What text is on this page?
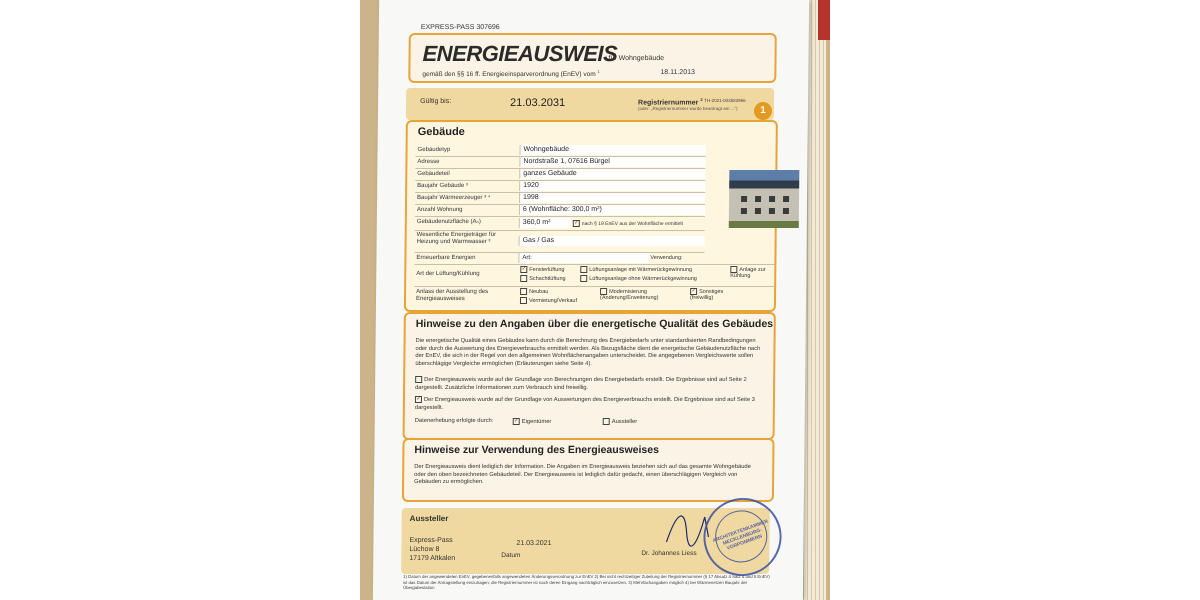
EXPRESS-PASS 307696
ENERGIEAUSWEIS
für Wohngebäude
gemäß den §§ 16 ff. Energieeinsparverordnung (EnEV) vom $^1$	18.11.2013
Gültig bis:	21.03.2031	Registriernummer $^2$ TH-2021-003583966
(oder: „Registriernummer wurde beantragt am ...“)	1
Gebäude
Gebäudetyp	Wohngebäude
Adresse	Nordstraße 1, 07616 Bürgel
Gebäudeteil	ganzes Gebäude
Baujahr Gebäude ³	1920
Baujahr Wärmeerzeuger ³ ⁴	1998
Anzahl Wohnung	6 (Wohnfläche: 300,0 m²)
Gebäudenutzfläche (Aₙ)	360,0 m²	✓ nach § 19 EnEV aus der Wohnfläche ermittelt
Wesentliche Energieträger für Heizung und Warmwasser ³	Gas / Gas
Erneuerbare Energien	Art:	Verwendung:
Art der Lüftung/Kühlung
✓ Fensterlüftung
Schachtlüftung
Lüftungsanlage mit Wärmerückgewinnung
Lüftungsanlage ohne Wärmerückgewinnung
Anlage zur Kühlung
Anlass der Ausstellung des Energieausweises
Neubau
Vermietung/Verkauf
Modernisierung (Änderung/Erweiterung)
✓ Sonstiges (freiwillig)
Hinweise zu den Angaben über die energetische Qualität des Gebäudes
Die energetische Qualität eines Gebäudes kann durch die Berechnung des Energiebedarfs unter standardisierten Randbedingungen oder durch die Auswertung des Energieverbrauchs ermittelt werden. Als Bezugsfläche dient die energetische Gebäudenutzfläche nach der EnEV, die sich in der Regel von den allgemeinen Wohnflächenangaben unterscheidet. Die angegebenen Vergleichswerte sollen überschlägige Vergleiche ermöglichen (Erläuterungen siehe Seite 4).
Der Energieausweis wurde auf der Grundlage von Berechnungen des Energiebedarfs erstellt. Die Ergebnisse sind auf Seite 2 dargestellt. Zusätzliche Informationen zum Verbrauch sind freiwillig.
✓ Der Energieausweis wurde auf der Grundlage von Auswertungen des Energieverbrauchs erstellt. Die Ergebnisse sind auf Seite 3 dargestellt.
Datenerhebung erfolgte durch:	✓ Eigentümer	Aussteller
Hinweise zur Verwendung des Energieausweises
Der Energieausweis dient lediglich der Information. Die Angaben im Energieausweis beziehen sich auf das gesamte Wohngebäude oder den oben bezeichneten Gebäudeteil. Der Energieausweis ist lediglich dafür gedacht, einen überschlägigen Vergleich von Gebäuden zu ermöglichen.
Aussteller
Express-Pass
Lüchow 8
17179 Altkalen
21.03.2021
Datum	Dr. Johannes Liess
ARCHITEKTENKAMMER MECKLENBURG-VORPOMMERN
1) Datum der angewendeten EnEV, gegebenenfalls angewendeten Änderungsverordnung zur EnEV 2) Bei nicht rechtzeitiger Zuteilung der Registriernummer (§ 17 Absatz 4 Satz 4 und 5 EnEV) ist das Datum der Antragstellung einzutragen; die Registriernummer ist nach deren Eingang nachträglich einzusetzen. 3) Mehrfachangaben möglich 4) bei Wärmenetzen Baujahr der Übergabestation
